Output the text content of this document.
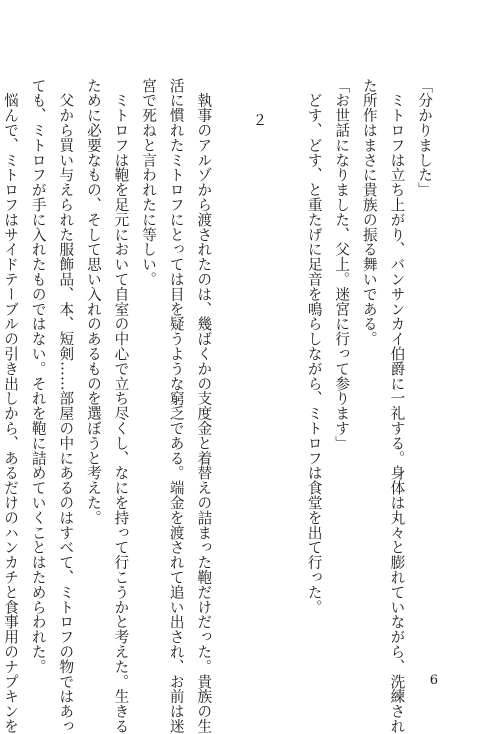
「分かりました」
　ミトロフは立ち上がり、バンサンカイ伯爵に一礼する。身体は丸々と膨れていながら、洗練され
た所作はまさに貴族の振る舞いである。
「お世話になりました、父上。迷宮に行って参ります」
　どす、どす、と重たげに足音を鳴らしながら、ミトロフは食堂を出て行った。
２
　執事のアルゾから渡されたのは、幾ばくかの支度金と着替えの詰まった鞄だけだった。貴族の生
活に慣れたミトロフにとっては目を疑うような窮乏である。端金を渡されて追い出され、お前は迷
宮で死ねと言われたに等しい。
　ミトロフは鞄を足元において自室の中心で立ち尽くし、なにを持って行こうかと考えた。生きる
ために必要なもの、そして思い入れのあるものを選ぼうと考えた。
　父から買い与えられた服飾品、本、短剣……部屋の中にあるのはすべて、ミトロフの物ではあっ
ても、ミトロフが手に入れたものではない。それを鞄に詰めていくことはためらわれた。
　悩んで、ミトロフはサイドテーブルの引き出しから、あるだけのハンカチと食事用のナプキンを	6
